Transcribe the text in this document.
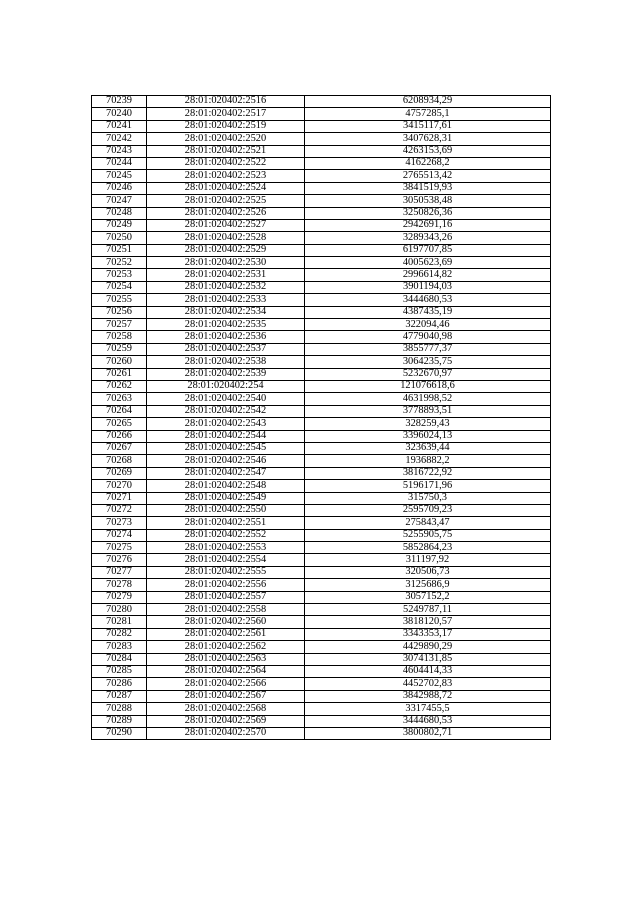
70239	28:01:020402:2516	6208934,29
70240	28:01:020402:2517	4757285,1
70241	28:01:020402:2519	3415117,61
70242	28:01:020402:2520	3407628,31
70243	28:01:020402:2521	4263153,69
70244	28:01:020402:2522	4162268,2
70245	28:01:020402:2523	2765513,42
70246	28:01:020402:2524	3841519,93
70247	28:01:020402:2525	3050538,48
70248	28:01:020402:2526	3250826,36
70249	28:01:020402:2527	2942691,16
70250	28:01:020402:2528	3289343,26
70251	28:01:020402:2529	6197707,85
70252	28:01:020402:2530	4005623,69
70253	28:01:020402:2531	2996614,82
70254	28:01:020402:2532	3901194,03
70255	28:01:020402:2533	3444680,53
70256	28:01:020402:2534	4387435,19
70257	28:01:020402:2535	322094,46
70258	28:01:020402:2536	4779040,98
70259	28:01:020402:2537	3855777,37
70260	28:01:020402:2538	3064235,75
70261	28:01:020402:2539	5232670,97
70262	28:01:020402:254	121076618,6
70263	28:01:020402:2540	4631998,52
70264	28:01:020402:2542	3778893,51
70265	28:01:020402:2543	328259,43
70266	28:01:020402:2544	3396024,13
70267	28:01:020402:2545	323639,44
70268	28:01:020402:2546	1936882,2
70269	28:01:020402:2547	3816722,92
70270	28:01:020402:2548	5196171,96
70271	28:01:020402:2549	315750,3
70272	28:01:020402:2550	2595709,23
70273	28:01:020402:2551	275843,47
70274	28:01:020402:2552	5255905,75
70275	28:01:020402:2553	5852864,23
70276	28:01:020402:2554	311197,92
70277	28:01:020402:2555	320506,73
70278	28:01:020402:2556	3125686,9
70279	28:01:020402:2557	3057152,2
70280	28:01:020402:2558	5249787,11
70281	28:01:020402:2560	3818120,57
70282	28:01:020402:2561	3343353,17
70283	28:01:020402:2562	4429890,29
70284	28:01:020402:2563	3074131,85
70285	28:01:020402:2564	4604414,33
70286	28:01:020402:2566	4452702,83
70287	28:01:020402:2567	3842988,72
70288	28:01:020402:2568	3317455,5
70289	28:01:020402:2569	3444680,53
70290	28:01:020402:2570	3800802,71
